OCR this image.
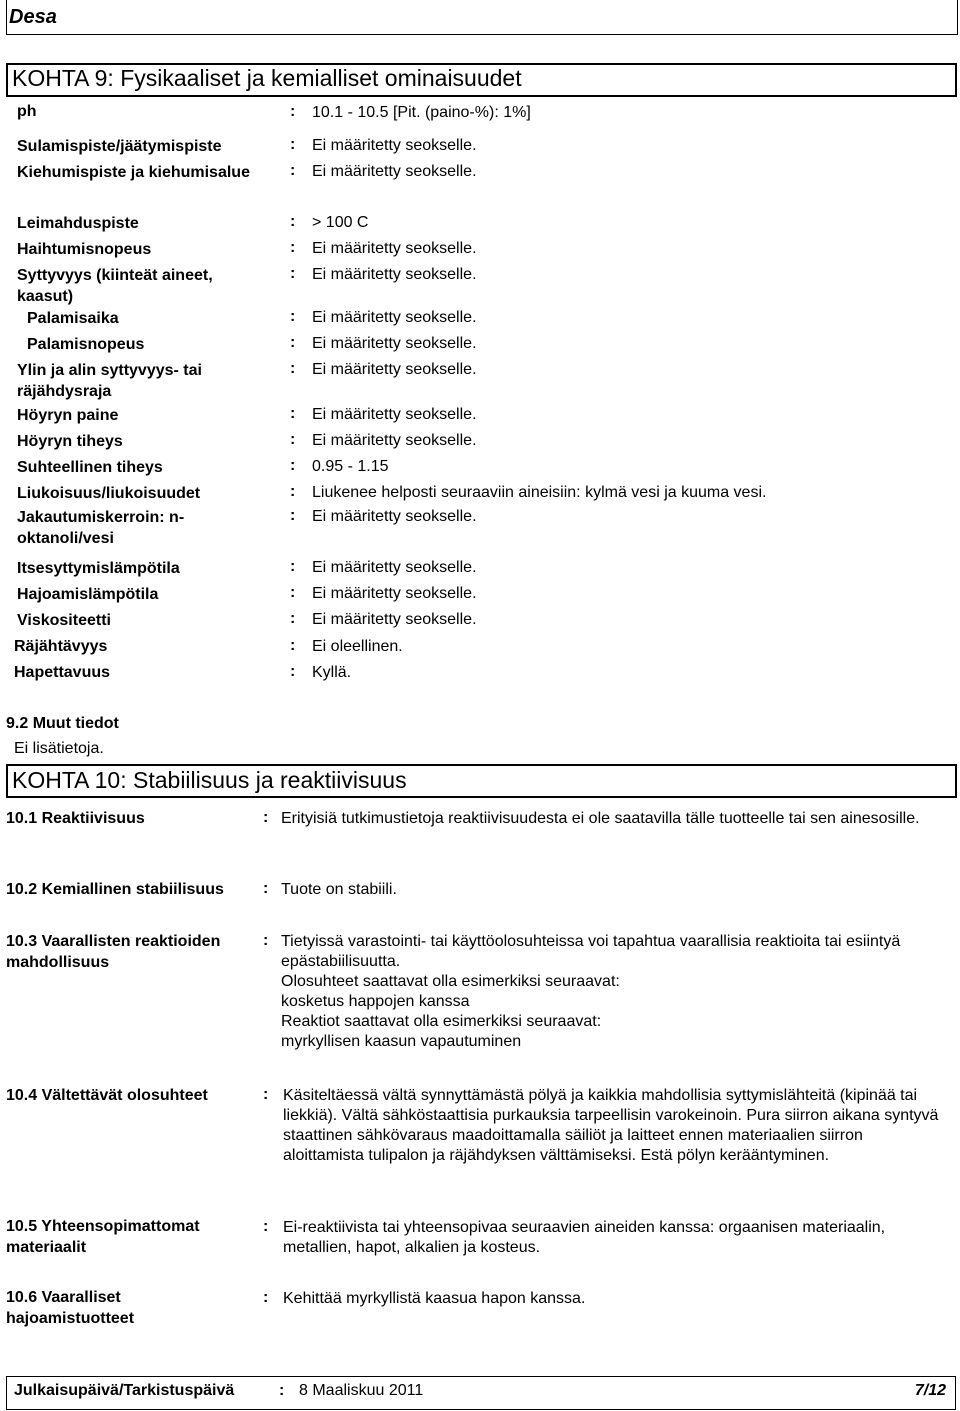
Desa
KOHTA 9: Fysikaaliset ja kemialliset ominaisuudet
ph	: 10.1 - 10.5 [Pit. (paino-%): 1%]
Sulamispiste/jäätymispiste	: Ei määritetty seokselle.
Kiehumispiste ja kiehumisalue	: Ei määritetty seokselle.
Leimahduspiste	: > 100 C
Haihtumisnopeus	: Ei määritetty seokselle.
Syttyvyys (kiinteät aineet, kaasut)
: Ei määritetty seokselle.
Palamisaika	: Ei määritetty seokselle.
Palamisnopeus	: Ei määritetty seokselle.
Ylin ja alin syttyvyys- tai räjähdysraja
: Ei määritetty seokselle.
Höyryn paine	: Ei määritetty seokselle.
Höyryn tiheys	: Ei määritetty seokselle.
Suhteellinen tiheys	: 0.95 - 1.15
Liukoisuus/liukoisuudet	: Liukenee helposti seuraaviin aineisiin: kylmä vesi ja kuuma vesi.
Jakautumiskerroin: n-oktanoli/vesi
: Ei määritetty seokselle.
Itsesyttymislämpötila	: Ei määritetty seokselle.
Hajoamislämpötila	: Ei määritetty seokselle.
Viskositeetti	: Ei määritetty seokselle.
Räjähtävyys	: Ei oleellinen.
Hapettavuus	: Kyllä.
9.2 Muut tiedot
Ei lisätietoja.
KOHTA 10: Stabiilisuus ja reaktiivisuus
10.1 Reaktiivisuus	: Erityisiä tutkimustietoja reaktiivisuudesta ei ole saatavilla tälle tuotteelle tai sen ainesosille.
10.2 Kemiallinen stabiilisuus : Tuote on stabiili.
10.3 Vaarallisten reaktioiden mahdollisuus
: Tietyissä varastointi- tai käyttöolosuhteissa voi tapahtua vaarallisia reaktioita tai esiintyä epästabiilisuutta.
Olosuhteet saattavat olla esimerkiksi seuraavat:
kosketus happojen kanssa
Reaktiot saattavat olla esimerkiksi seuraavat:
myrkyllisen kaasun vapautuminen
10.4 Vältettävät olosuhteet	: Käsiteltäessä vältä synnyttämästä pölyä ja kaikkia mahdollisia syttymislähteitä (kipinää tai liekkiä). Vältä sähköstaattisia purkauksia tarpeellisin varokeinoin. Pura siirron aikana syntyvä staattinen sähkövaraus maadoittamalla säiliöt ja laitteet ennen materiaalien siirron aloittamista tulipalon ja räjähdyksen välttämiseksi. Estä pölyn kerääntyminen.
10.5 Yhteensopimattomat materiaalit
: Ei-reaktiivista tai yhteensopivaa seuraavien aineiden kanssa: orgaanisen materiaalin, metallien, hapot, alkalien ja kosteus.
10.6 Vaaralliset hajoamistuotteet
: Kehittää myrkyllistä kaasua hapon kanssa.
Julkaisupäivä/Tarkistuspäivä	: 8 Maaliskuu 2011	7/12
